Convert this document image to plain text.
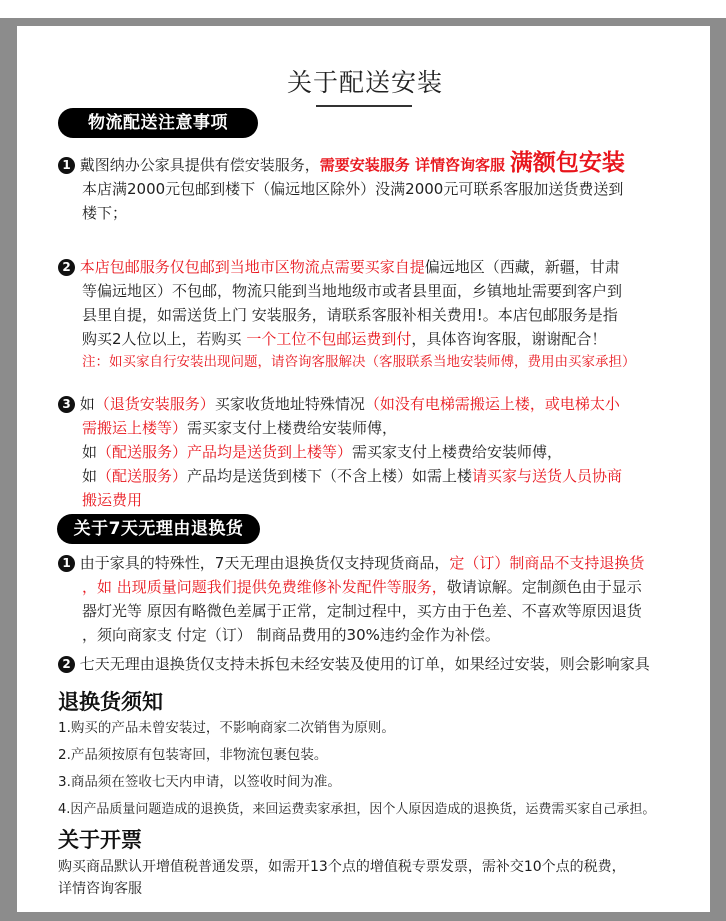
关于配送安装
物流配送注意事项
1 戴图纳办公家具提供有偿安装服务，需要安装服务 详情咨询客服 满额包安装
本店满2000元包邮到楼下（偏远地区除外）没满2000元可联系客服加送货费送到
楼下；
2 本店包邮服务仅包邮到当地市区物流点需要买家自提偏远地区（西藏，新疆，甘肃
等偏远地区）不包邮，物流只能到当地地级市或者县里面，乡镇地址需要到客户到
县里自提，如需送货上门 安装服务，请联系客服补相关费用!。本店包邮服务是指
购买2人位以上，若购买 一个工位不包邮运费到付，具体咨询客服，谢谢配合！
注：如买家自行安装出现问题，请咨询客服解决（客服联系当地安装师傅，费用由买家承担）
3 如（退货安装服务）买家收货地址特殊情况（如没有电梯需搬运上楼，或电梯太小
需搬运上楼等）需买家支付上楼费给安装师傅，
如（配送服务）产品均是送货到上楼等）需买家支付上楼费给安装师傅，
如（配送服务）产品均是送货到楼下（不含上楼）如需上楼请买家与送货人员协商
搬运费用
关于7天无理由退换货
1 由于家具的特殊性，7天无理由退换货仅支持现货商品，定（订）制商品不支持退换货
，如 出现质量问题我们提供免费维修补发配件等服务，敬请谅解。定制颜色由于显示
器灯光等 原因有略微色差属于正常，定制过程中，买方由于色差、不喜欢等原因退货
，须向商家支 付定（订） 制商品费用的30%违约金作为补偿。
2 七天无理由退换货仅支持未拆包未经安装及使用的订单，如果经过安装，则会影响家具
退换货须知
1.购买的产品未曾安装过，不影响商家二次销售为原则。
2.产品须按原有包装寄回，非物流包裹包装。
3.商品须在签收七天内申请，以签收时间为准。
4.因产品质量问题造成的退换货，来回运费卖家承担，因个人原因造成的退换货，运费需买家自己承担。
关于开票
购买商品默认开增值税普通发票，如需开13个点的增值税专票发票，需补交10个点的税费，
详情咨询客服
